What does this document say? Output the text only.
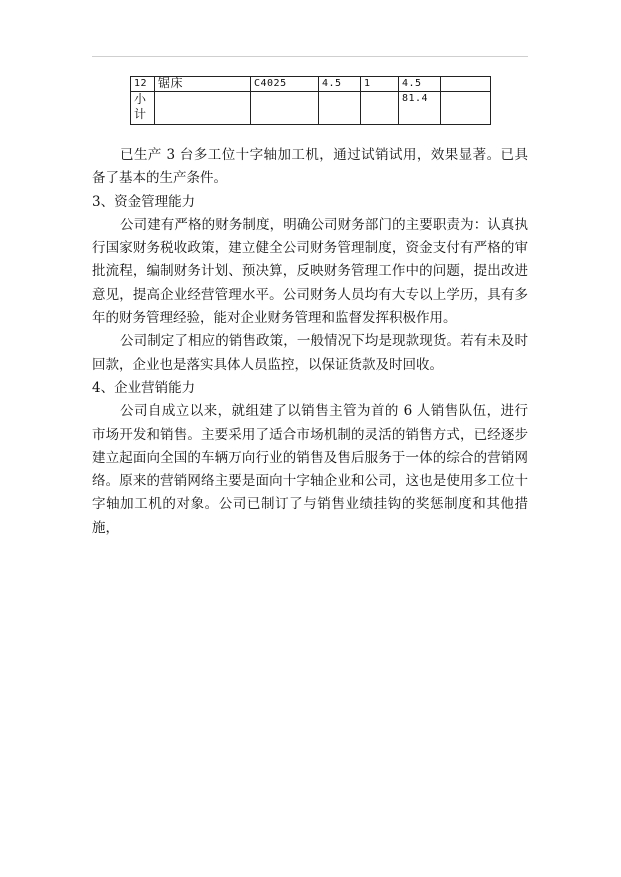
12	锯床	C4025	4.5	1	4.5	

小
计					81.4	

已生产 3 台多工位十字轴加工机，通过试销试用，效果显著。已具备了基本的生产条件。

3、资金管理能力

公司建有严格的财务制度，明确公司财务部门的主要职责为：认真执行国家财务税收政策，建立健全公司财务管理制度，资金支付有严格的审批流程，编制财务计划、预决算，反映财务管理工作中的问题，提出改进意见，提高企业经营管理水平。公司财务人员均有大专以上学历，具有多年的财务管理经验，能对企业财务管理和监督发挥积极作用。

公司制定了相应的销售政策，一般情况下均是现款现货。若有未及时回款，企业也是落实具体人员监控，以保证货款及时回收。

4、企业营销能力

公司自成立以来，就组建了以销售主管为首的 6 人销售队伍，进行市场开发和销售。主要采用了适合市场机制的灵活的销售方式，已经逐步建立起面向全国的车辆万向行业的销售及售后服务于一体的综合的营销网络。原来的营销网络主要是面向十字轴企业和公司，这也是使用多工位十字轴加工机的对象。公司已制订了与销售业绩挂钩的奖惩制度和其他措施，
